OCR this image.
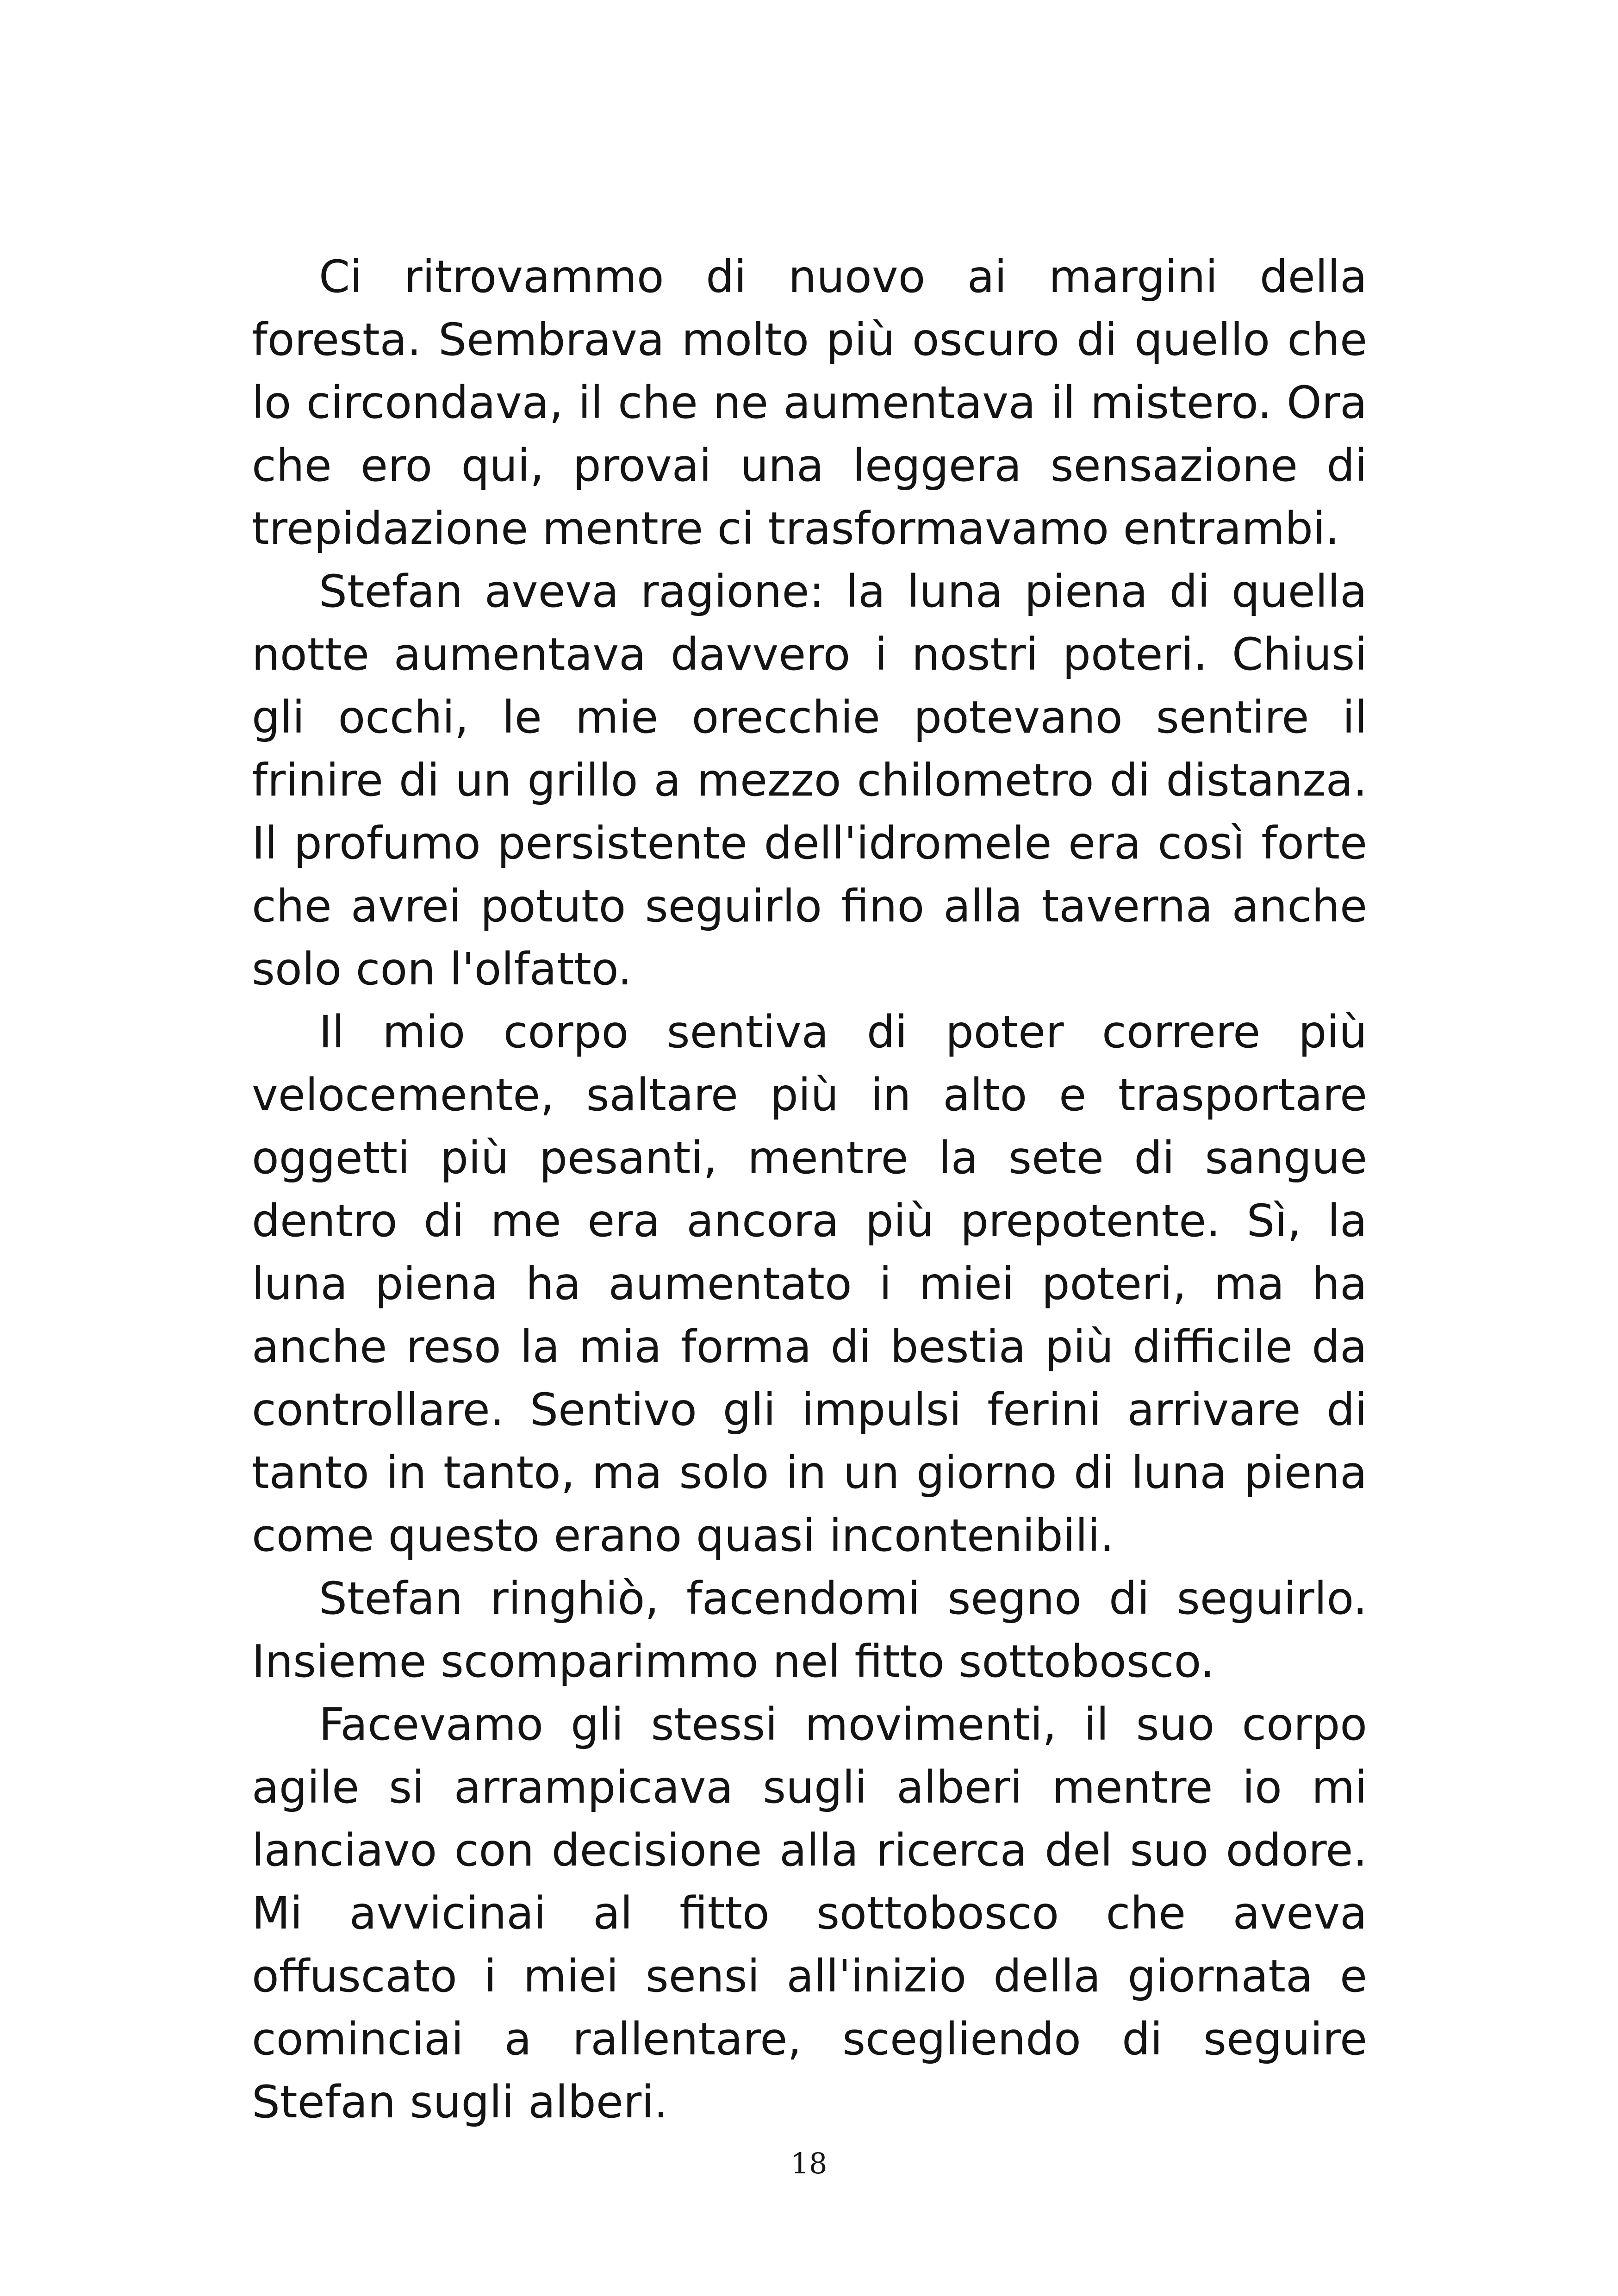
Ci ritrovammo di nuovo ai margini della foresta. Sembrava molto più oscuro di quello che lo circondava, il che ne aumentava il mistero. Ora che ero qui, provai una leggera sensazione di trepidazione mentre ci trasformavamo entrambi.

Stefan aveva ragione: la luna piena di quella notte aumentava davvero i nostri poteri. Chiusi gli occhi, le mie orecchie potevano sentire il frinire di un grillo a mezzo chilometro di distanza. Il profumo persistente dell'idromele era così forte che avrei potuto seguirlo fino alla taverna anche solo con l'olfatto.

Il mio corpo sentiva di poter correre più velocemente, saltare più in alto e trasportare oggetti più pesanti, mentre la sete di sangue dentro di me era ancora più prepotente. Sì, la luna piena ha aumentato i miei poteri, ma ha anche reso la mia forma di bestia più difficile da controllare. Sentivo gli impulsi ferini arrivare di tanto in tanto, ma solo in un giorno di luna piena come questo erano quasi incontenibili.

Stefan ringhiò, facendomi segno di seguirlo. Insieme scomparimmo nel fitto sottobosco.

Facevamo gli stessi movimenti, il suo corpo agile si arrampicava sugli alberi mentre io mi lanciavo con decisione alla ricerca del suo odore. Mi avvicinai al fitto sottobosco che aveva offuscato i miei sensi all'inizio della giornata e cominciai a rallentare, scegliendo di seguire Stefan sugli alberi.

18
